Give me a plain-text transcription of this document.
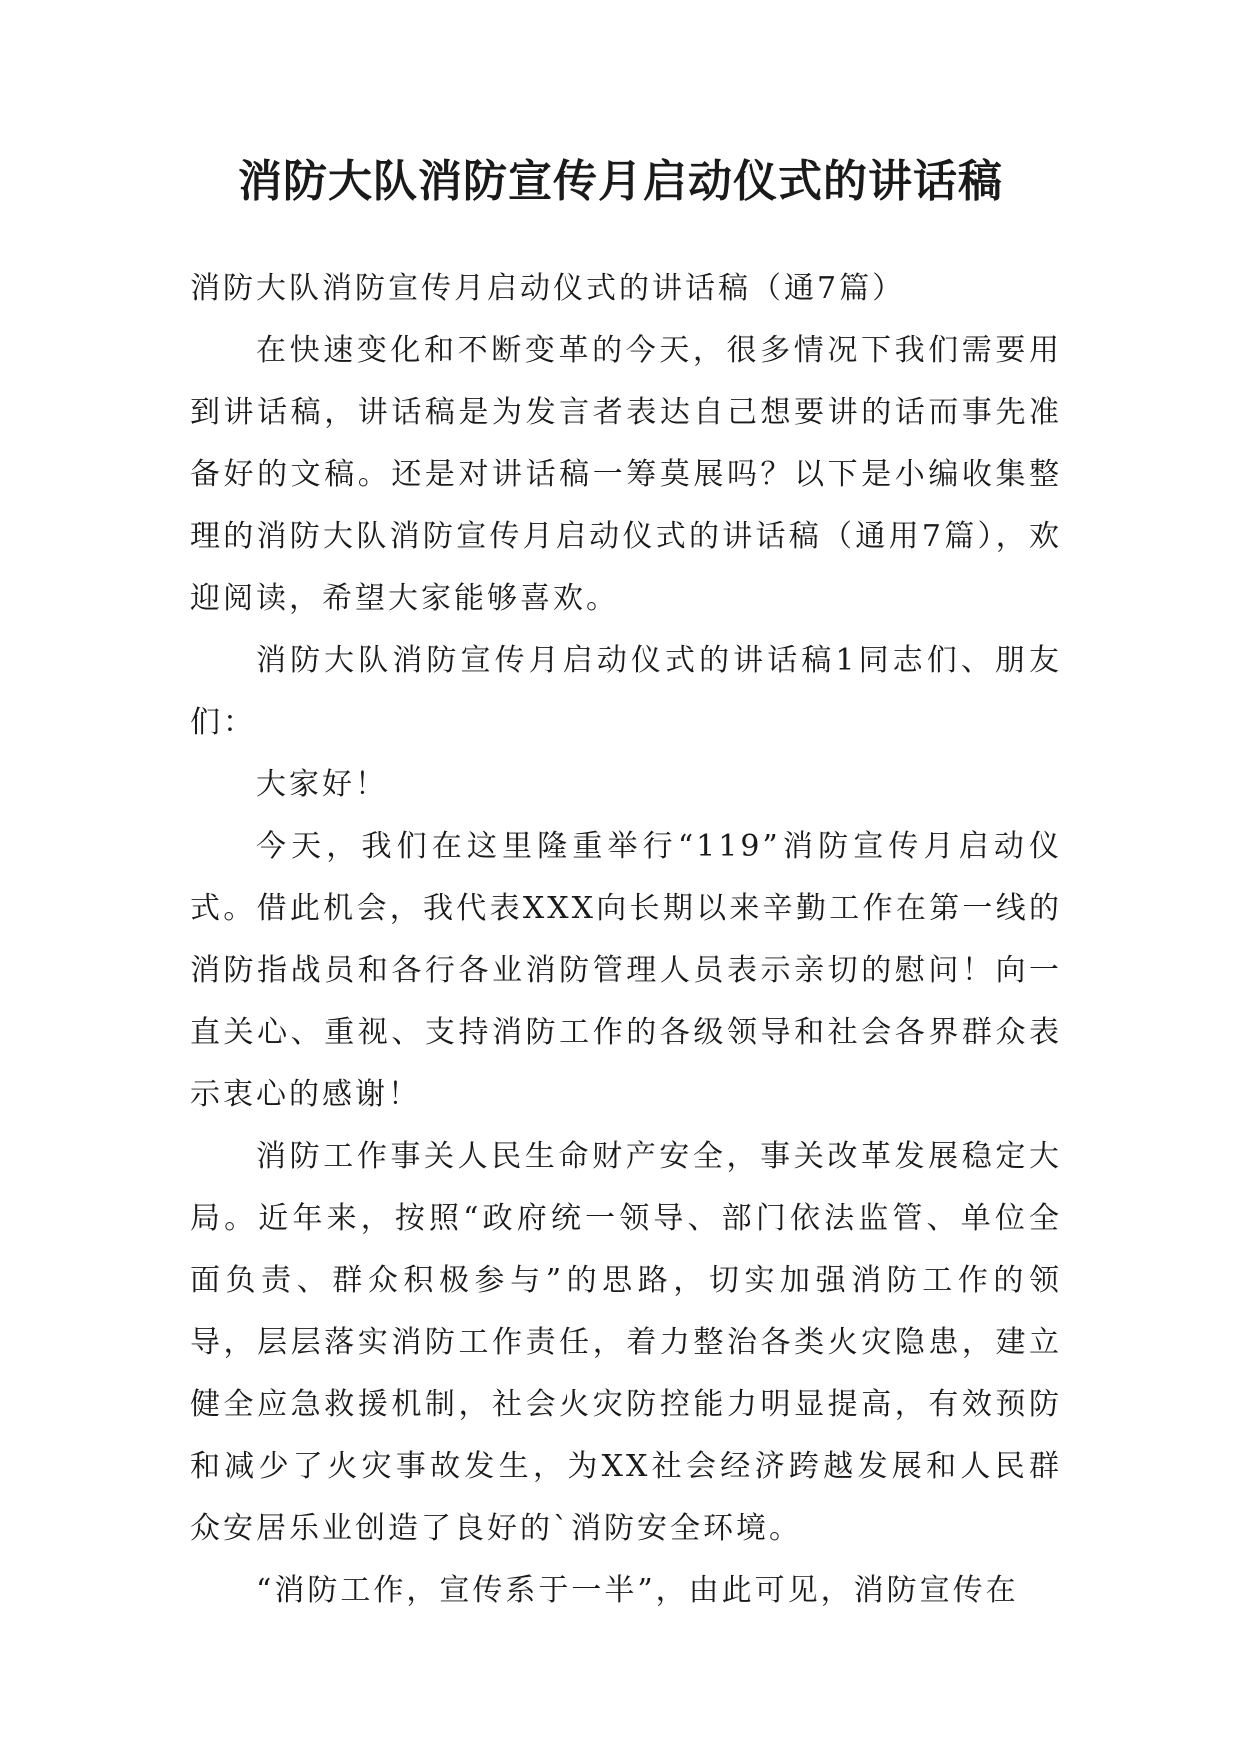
消防大队消防宣传月启动仪式的讲话稿

消防大队消防宣传月启动仪式的讲话稿（通7篇）

在快速变化和不断变革的今天，很多情况下我们需要用到讲话稿，讲话稿是为发言者表达自己想要讲的话而事先准备好的文稿。还是对讲话稿一筹莫展吗？以下是小编收集整理的消防大队消防宣传月启动仪式的讲话稿（通用7篇），欢迎阅读，希望大家能够喜欢。

消防大队消防宣传月启动仪式的讲话稿1同志们、朋友们：

大家好！

今天，我们在这里隆重举行“119”消防宣传月启动仪式。借此机会，我代表XXX向长期以来辛勤工作在第一线的消防指战员和各行各业消防管理人员表示亲切的慰问！向一直关心、重视、支持消防工作的各级领导和社会各界群众表示衷心的感谢！

消防工作事关人民生命财产安全，事关改革发展稳定大局。近年来，按照“政府统一领导、部门依法监管、单位全面负责、群众积极参与”的思路，切实加强消防工作的领导，层层落实消防工作责任，着力整治各类火灾隐患，建立健全应急救援机制，社会火灾防控能力明显提高，有效预防和减少了火灾事故发生，为XX社会经济跨越发展和人民群众安居乐业创造了良好的`消防安全环境。

“消防工作，宣传系于一半”，由此可见，消防宣传在
